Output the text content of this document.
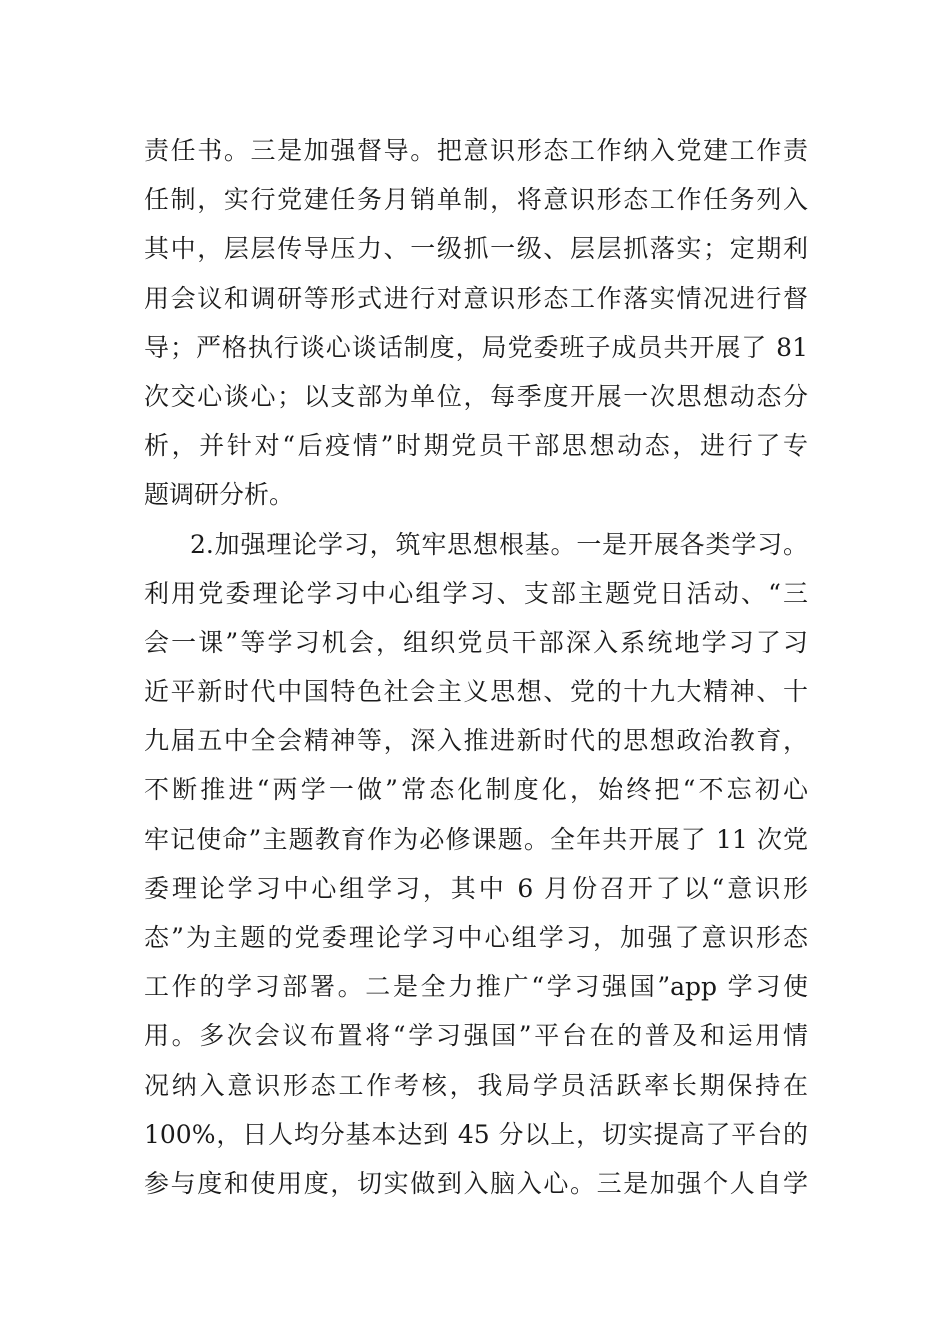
责任书。三是加强督导。把意识形态工作纳入党建工作责
任制，实行党建任务月销单制，将意识形态工作任务列入
其中，层层传导压力、一级抓一级、层层抓落实；定期利
用会议和调研等形式进行对意识形态工作落实情况进行督
导；严格执行谈心谈话制度，局党委班子成员共开展了 81
次交心谈心；以支部为单位，每季度开展一次思想动态分
析，并针对“后疫情”时期党员干部思想动态，进行了专
题调研分析。
2.加强理论学习，筑牢思想根基。一是开展各类学习。
利用党委理论学习中心组学习、支部主题党日活动、“三
会一课”等学习机会，组织党员干部深入系统地学习了习
近平新时代中国特色社会主义思想、党的十九大精神、十
九届五中全会精神等，深入推进新时代的思想政治教育，
不断推进“两学一做”常态化制度化，始终把“不忘初心
牢记使命”主题教育作为必修课题。全年共开展了 11 次党
委理论学习中心组学习，其中 6 月份召开了以“意识形
态”为主题的党委理论学习中心组学习，加强了意识形态
工作的学习部署。二是全力推广“学习强国”app 学习使
用。多次会议布置将“学习强国”平台在的普及和运用情
况纳入意识形态工作考核，我局学员活跃率长期保持在
100%，日人均分基本达到 45 分以上，切实提高了平台的
参与度和使用度，切实做到入脑入心。三是加强个人自学
